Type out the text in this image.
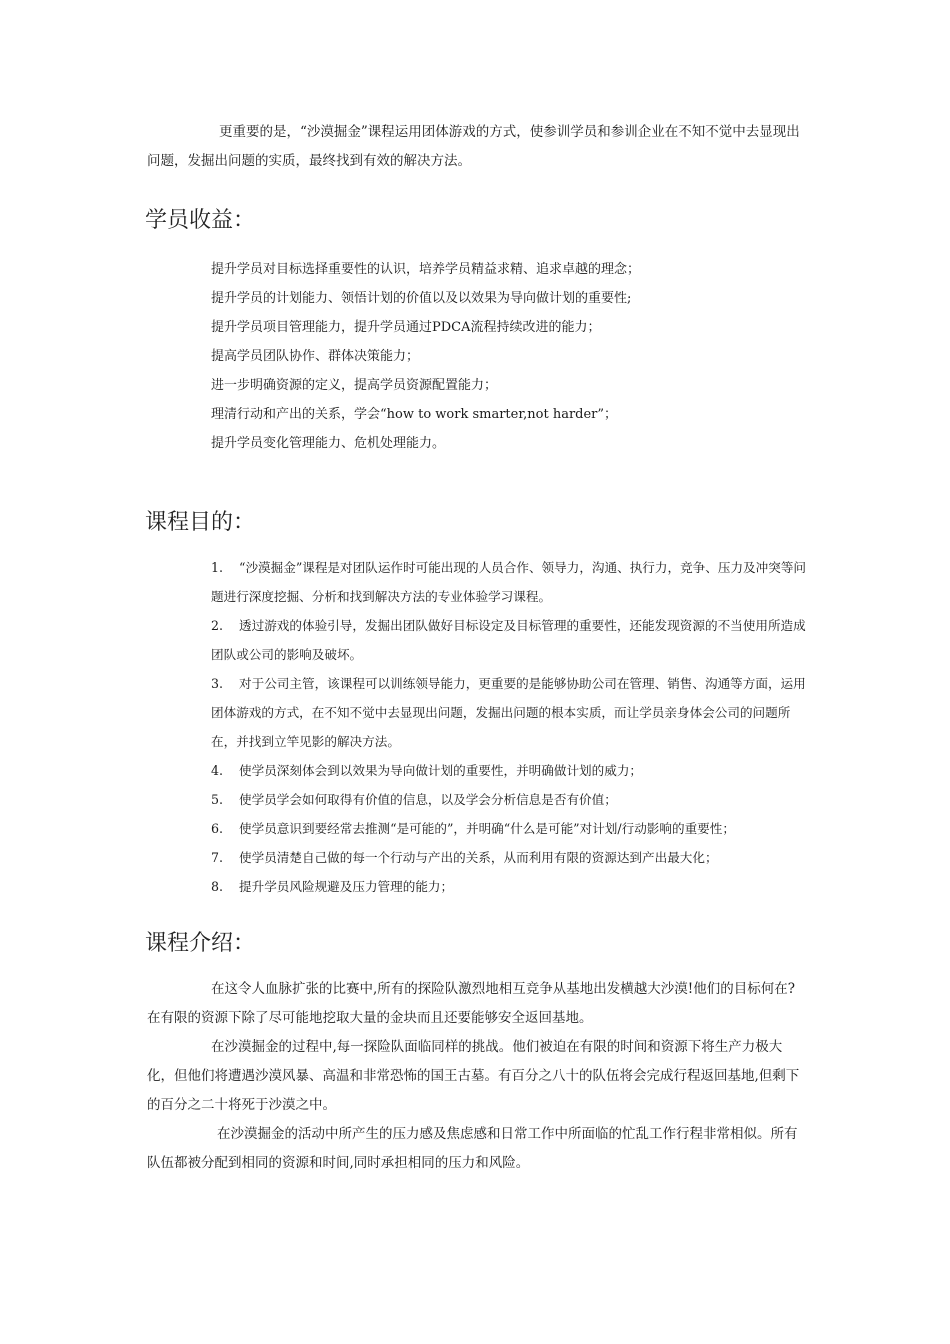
更重要的是，“沙漠掘金”课程运用团体游戏的方式，使参训学员和参训企业在不知不觉中去显现出问题，发掘出问题的实质，最终找到有效的解决方法。

学员收益：
提升学员对目标选择重要性的认识，培养学员精益求精、追求卓越的理念；
提升学员的计划能力、领悟计划的价值以及以效果为导向做计划的重要性;
提升学员项目管理能力，提升学员通过PDCA流程持续改进的能力；
提高学员团队协作、群体决策能力；
进一步明确资源的定义，提高学员资源配置能力；
理清行动和产出的关系，学会“how to work smarter,not harder”；
提升学员变化管理能力、危机处理能力。
课程目的：
1. “沙漠掘金”课程是对团队运作时可能出现的人员合作、领导力，沟通、执行力，竞争、压力及冲突等问题进行深度挖掘、分析和找到解决方法的专业体验学习课程。
2. 透过游戏的体验引导，发掘出团队做好目标设定及目标管理的重要性，还能发现资源的不当使用所造成团队或公司的影响及破坏。
3. 对于公司主管，该课程可以训练领导能力，更重要的是能够协助公司在管理、销售、沟通等方面，运用团体游戏的方式，在不知不觉中去显现出问题，发掘出问题的根本实质，而让学员亲身体会公司的问题所在，并找到立竿见影的解决方法。
4. 使学员深刻体会到以效果为导向做计划的重要性，并明确做计划的威力；
5. 使学员学会如何取得有价值的信息，以及学会分析信息是否有价值；
6. 使学员意识到要经常去推测“是可能的”，并明确“什么是可能”对计划/行动影响的重要性；
7. 使学员清楚自己做的每一个行动与产出的关系，从而利用有限的资源达到产出最大化；
8. 提升学员风险规避及压力管理的能力；
课程介绍：

在这令人血脉扩张的比赛中,所有的探险队激烈地相互竞争从基地出发横越大沙漠!他们的目标何在?在有限的资源下除了尽可能地挖取大量的金块而且还要能够安全返回基地。

在沙漠掘金的过程中,每一探险队面临同样的挑战。他们被迫在有限的时间和资源下将生产力极大化，但他们将遭遇沙漠风暴、高温和非常恐怖的国王古墓。有百分之八十的队伍将会完成行程返回基地,但剩下的百分之二十将死于沙漠之中。

在沙漠掘金的活动中所产生的压力感及焦虑感和日常工作中所面临的忙乱工作行程非常相似。所有队伍都被分配到相同的资源和时间,同时承担相同的压力和风险。
